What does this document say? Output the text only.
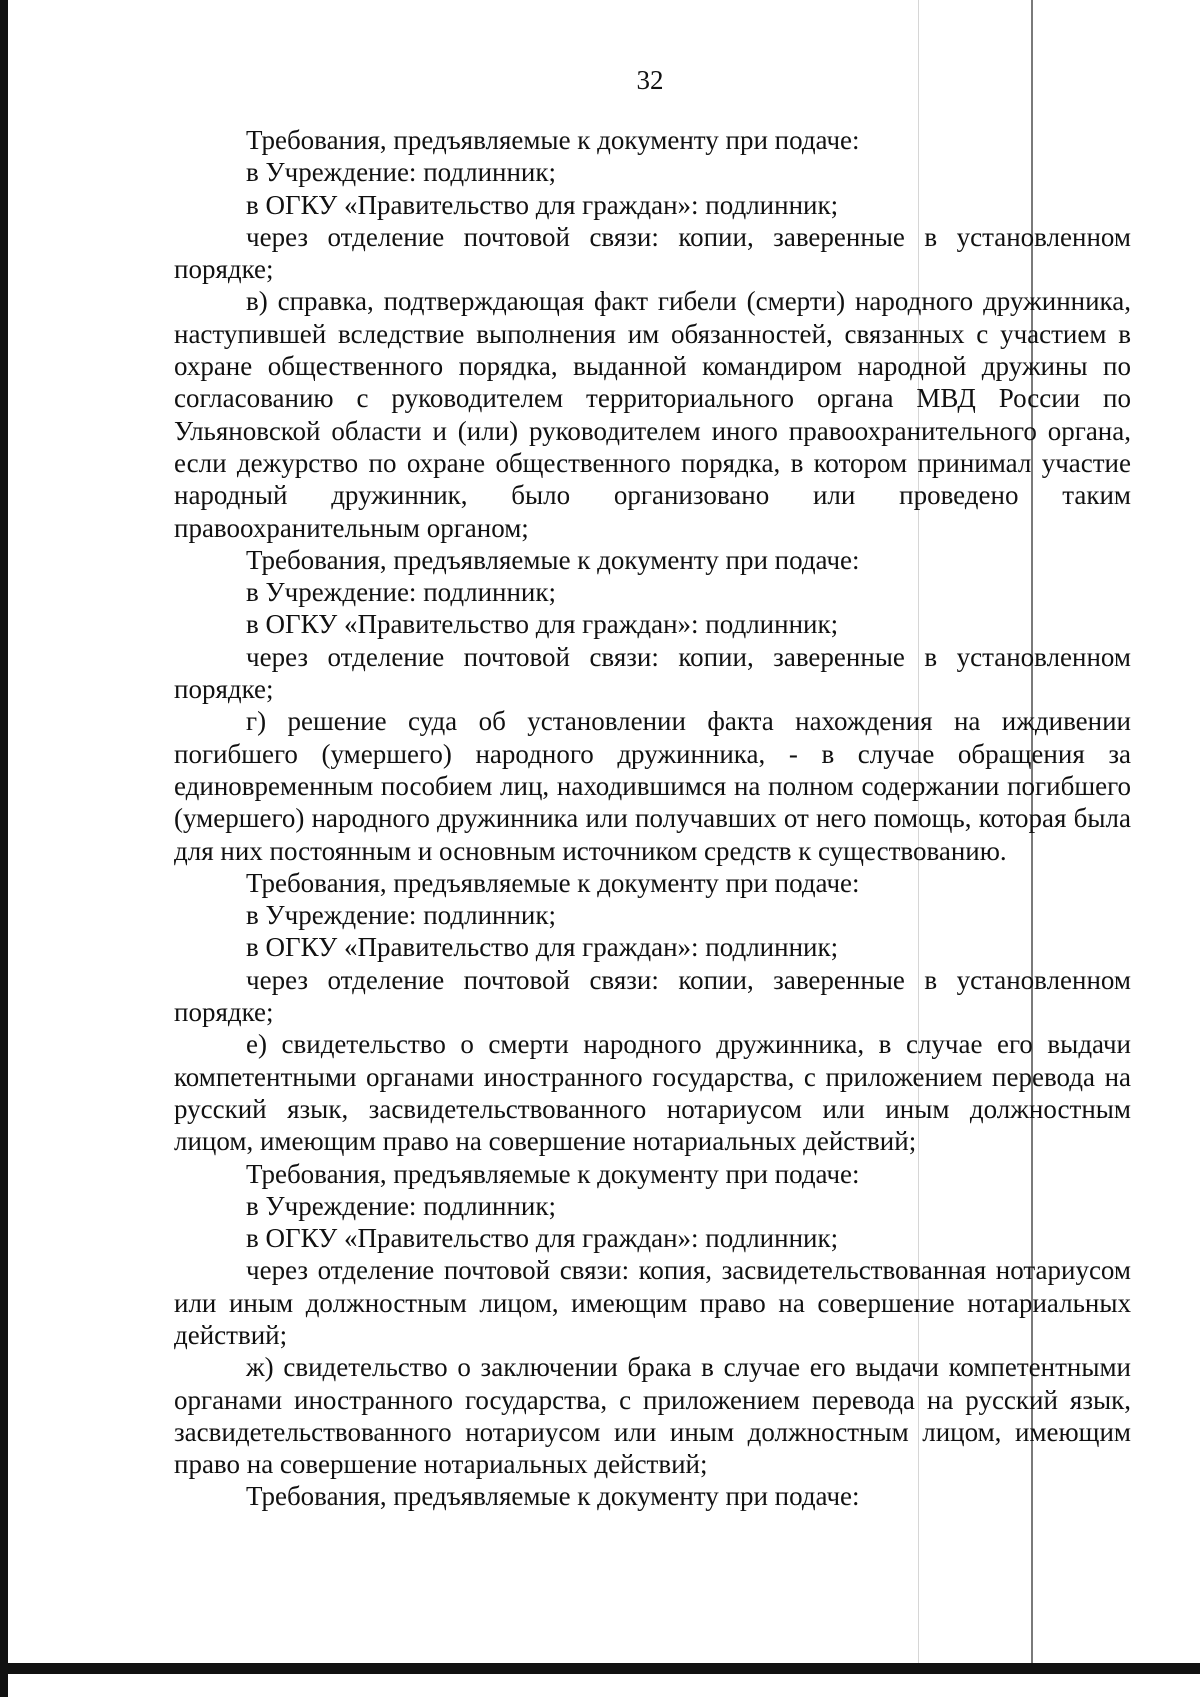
32

Требования, предъявляемые к документу при подаче:

в Учреждение: подлинник;

в ОГКУ «Правительство для граждан»: подлинник;

через отделение почтовой связи: копии, заверенные в установленном порядке;

в) справка, подтверждающая факт гибели (смерти) народного дружинника, наступившей вследствие выполнения им обязанностей, связанных с участием в охране общественного порядка, выданной командиром народной дружины по согласованию с руководителем территориального органа МВД России по Ульяновской области и (или) руководителем иного правоохранительного органа, если дежурство по охране общественного порядка, в котором принимал участие народный дружинник, было организовано или проведено таким правоохранительным органом;

Требования, предъявляемые к документу при подаче:

в Учреждение: подлинник;

в ОГКУ «Правительство для граждан»: подлинник;

через отделение почтовой связи: копии, заверенные в установленном порядке;

г) решение суда об установлении факта нахождения на иждивении погибшего (умершего) народного дружинника, - в случае обращения за единовременным пособием лиц, находившимся на полном содержании погибшего (умершего) народного дружинника или получавших от него помощь, которая была для них постоянным и основным источником средств к существованию.

Требования, предъявляемые к документу при подаче:

в Учреждение: подлинник;

в ОГКУ «Правительство для граждан»: подлинник;

через отделение почтовой связи: копии, заверенные в установленном порядке;

е) свидетельство о смерти народного дружинника, в случае его выдачи компетентными органами иностранного государства, с приложением перевода на русский язык, засвидетельствованного нотариусом или иным должностным лицом, имеющим право на совершение нотариальных действий;

Требования, предъявляемые к документу при подаче:

в Учреждение: подлинник;

в ОГКУ «Правительство для граждан»: подлинник;

через отделение почтовой связи: копия, засвидетельствованная нотариусом или иным должностным лицом, имеющим право на совершение нотариальных действий;

ж) свидетельство о заключении брака в случае его выдачи компетентными органами иностранного государства, с приложением перевода на русский язык, засвидетельствованного нотариусом или иным должностным лицом, имеющим право на совершение нотариальных действий;

Требования, предъявляемые к документу при подаче:
